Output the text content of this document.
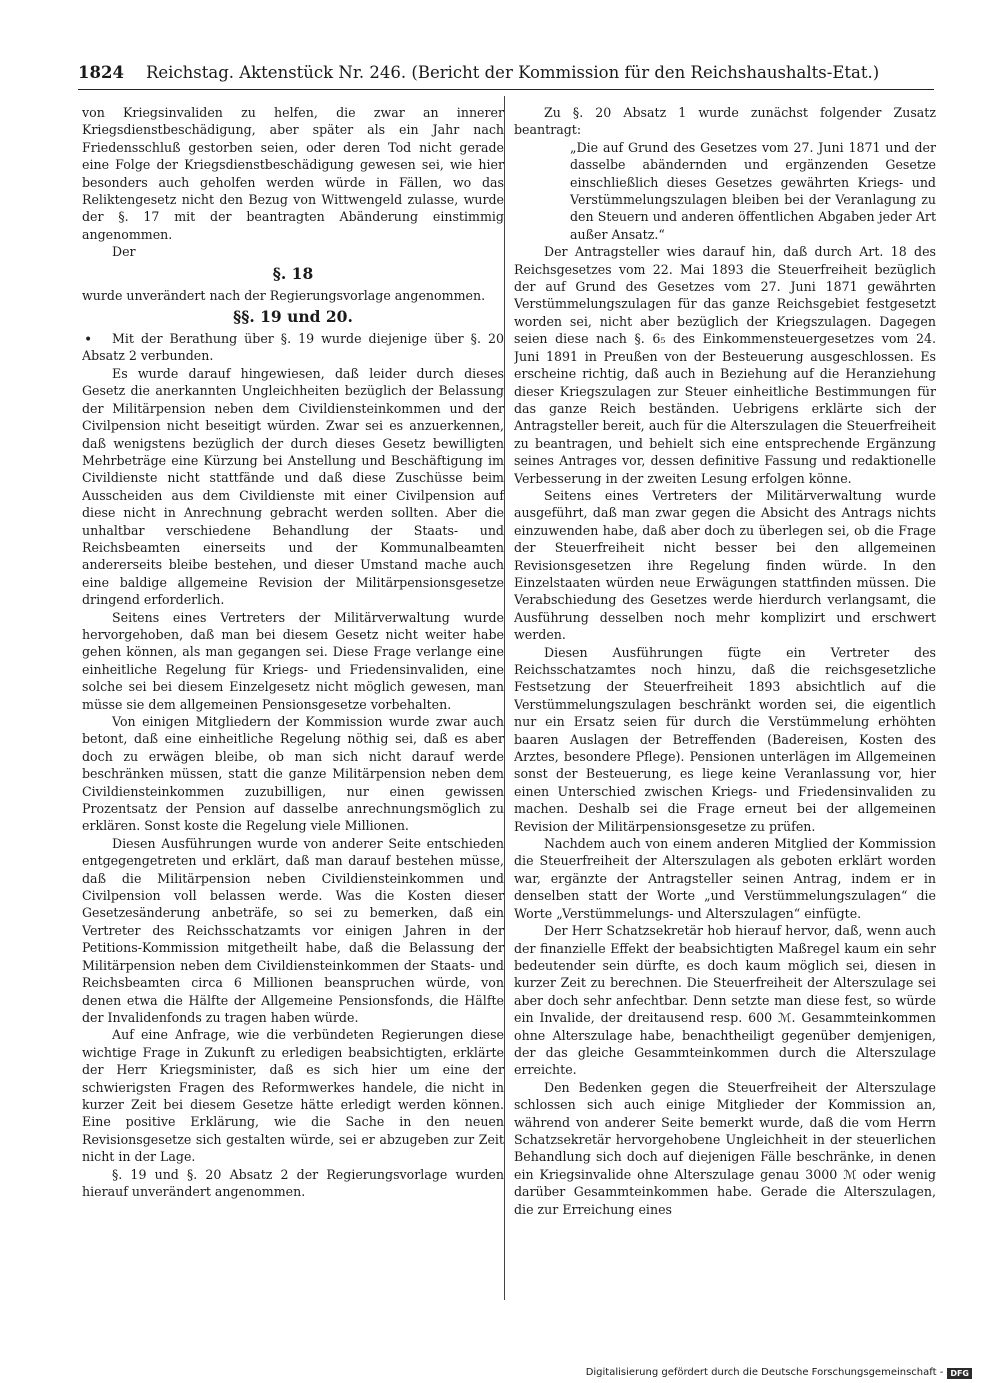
1824 Reichstag. Aktenstück Nr. 246. (Bericht der Kommission für den Reichshaushalts-Etat.)

von Kriegsinvaliden zu helfen, die zwar an innerer Kriegsdienstbeschädigung, aber später als ein Jahr nach Friedensschluß gestorben seien, oder deren Tod nicht gerade eine Folge der Kriegsdienstbeschädigung gewesen sei, wie hier besonders auch geholfen werden würde in Fällen, wo das Reliktengesetz nicht den Bezug von Wittwengeld zulasse, wurde der §. 17 mit der beantragten Abänderung einstimmig angenommen.

Der

§. 18

wurde unverändert nach der Regierungsvorlage angenommen.

§§. 19 und 20.

Mit der Berathung über §. 19 wurde diejenige über §. 20 Absatz 2 verbunden.

Es wurde darauf hingewiesen, daß leider durch dieses Gesetz die anerkannten Ungleichheiten bezüglich der Belassung der Militärpension neben dem Civildiensteinkommen und der Civilpension nicht beseitigt würden. Zwar sei es anzuerkennen, daß wenigstens bezüglich der durch dieses Gesetz bewilligten Mehrbeträge eine Kürzung bei Anstellung und Beschäftigung im Civildienste nicht stattfände und daß diese Zuschüsse beim Ausscheiden aus dem Civildienste mit einer Civilpension auf diese nicht in Anrechnung gebracht werden sollten. Aber die unhaltbar verschiedene Behandlung der Staats- und Reichsbeamten einerseits und der Kommunalbeamten andererseits bleibe bestehen, und dieser Umstand mache auch eine baldige allgemeine Revision der Militärpensionsgesetze dringend erforderlich.

Seitens eines Vertreters der Militärverwaltung wurde hervorgehoben, daß man bei diesem Gesetz nicht weiter habe gehen können, als man gegangen sei. Diese Frage verlange eine einheitliche Regelung für Kriegs- und Friedensinvaliden, eine solche sei bei diesem Einzelgesetz nicht möglich gewesen, man müsse sie dem allgemeinen Pensionsgesetze vorbehalten.

Von einigen Mitgliedern der Kommission wurde zwar auch betont, daß eine einheitliche Regelung nöthig sei, daß es aber doch zu erwägen bleibe, ob man sich nicht darauf werde beschränken müssen, statt die ganze Militärpension neben dem Civildiensteinkommen zuzubilligen, nur einen gewissen Prozentsatz der Pension auf dasselbe anrechnungsmöglich zu erklären. Sonst koste die Regelung viele Millionen.

Diesen Ausführungen wurde von anderer Seite entschieden entgegengetreten und erklärt, daß man darauf bestehen müsse, daß die Militärpension neben Civildiensteinkommen und Civilpension voll belassen werde. Was die Kosten dieser Gesetzesänderung anbeträfe, so sei zu bemerken, daß ein Vertreter des Reichsschatzamts vor einigen Jahren in der Petitions-Kommission mitgetheilt habe, daß die Belassung der Militärpension neben dem Civildiensteinkommen der Staats- und Reichsbeamten circa 6 Millionen beanspruchen würde, von denen etwa die Hälfte der Allgemeine Pensionsfonds, die Hälfte der Invalidenfonds zu tragen haben würde.

Auf eine Anfrage, wie die verbündeten Regierungen diese wichtige Frage in Zukunft zu erledigen beabsichtigten, erklärte der Herr Kriegsminister, daß es sich hier um eine der schwierigsten Fragen des Reformwerkes handele, die nicht in kurzer Zeit bei diesem Gesetze hätte erledigt werden können. Eine positive Erklärung, wie die Sache in den neuen Revisionsgesetze sich gestalten würde, sei er abzugeben zur Zeit nicht in der Lage.

§. 19 und §. 20 Absatz 2 der Regierungsvorlage wurden hierauf unverändert angenommen.

Zu §. 20 Absatz 1 wurde zunächst folgender Zusatz beantragt:

„Die auf Grund des Gesetzes vom 27. Juni 1871 und der dasselbe abändernden und ergänzenden Gesetze einschließlich dieses Gesetzes gewährten Kriegs- und Verstümmelungszulagen bleiben bei der Veranlagung zu den Steuern und anderen öffentlichen Abgaben jeder Art außer Ansatz.“

Der Antragsteller wies darauf hin, daß durch Art. 18 des Reichsgesetzes vom 22. Mai 1893 die Steuerfreiheit bezüglich der auf Grund des Gesetzes vom 27. Juni 1871 gewährten Verstümmelungszulagen für das ganze Reichsgebiet festgesetzt worden sei, nicht aber bezüglich der Kriegszulagen. Dagegen seien diese nach §. 6₅ des Einkommensteuergesetzes vom 24. Juni 1891 in Preußen von der Besteuerung ausgeschlossen. Es erscheine richtig, daß auch in Beziehung auf die Heranziehung dieser Kriegszulagen zur Steuer einheitliche Bestimmungen für das ganze Reich beständen. Uebrigens erklärte sich der Antragsteller bereit, auch für die Alterszulagen die Steuerfreiheit zu beantragen, und behielt sich eine entsprechende Ergänzung seines Antrages vor, dessen definitive Fassung und redaktionelle Verbesserung in der zweiten Lesung erfolgen könne.

Seitens eines Vertreters der Militärverwaltung wurde ausgeführt, daß man zwar gegen die Absicht des Antrags nichts einzuwenden habe, daß aber doch zu überlegen sei, ob die Frage der Steuerfreiheit nicht besser bei den allgemeinen Revisionsgesetzen ihre Regelung finden würde. In den Einzelstaaten würden neue Erwägungen stattfinden müssen. Die Verabschiedung des Gesetzes werde hierdurch verlangsamt, die Ausführung desselben noch mehr komplizirt und erschwert werden.

Diesen Ausführungen fügte ein Vertreter des Reichsschatzamtes noch hinzu, daß die reichsgesetzliche Festsetzung der Steuerfreiheit 1893 absichtlich auf die Verstümmelungszulagen beschränkt worden sei, die eigentlich nur ein Ersatz seien für durch die Verstümmelung erhöhten baaren Auslagen der Betreffenden (Badereisen, Kosten des Arztes, besondere Pflege). Pensionen unterlägen im Allgemeinen sonst der Besteuerung, es liege keine Veranlassung vor, hier einen Unterschied zwischen Kriegs- und Friedensinvaliden zu machen. Deshalb sei die Frage erneut bei der allgemeinen Revision der Militärpensionsgesetze zu prüfen.

Nachdem auch von einem anderen Mitglied der Kommission die Steuerfreiheit der Alterszulagen als geboten erklärt worden war, ergänzte der Antragsteller seinen Antrag, indem er in denselben statt der Worte „und Verstümmelungszulagen“ die Worte „Verstümmelungs- und Alterszulagen“ einfügte.

Der Herr Schatzsekretär hob hierauf hervor, daß, wenn auch der finanzielle Effekt der beabsichtigten Maßregel kaum ein sehr bedeutender sein dürfte, es doch kaum möglich sei, diesen in kurzer Zeit zu berechnen. Die Steuerfreiheit der Alterszulage sei aber doch sehr anfechtbar. Denn setzte man diese fest, so würde ein Invalide, der dreitausend resp. 600 ℳ. Gesammteinkommen ohne Alterszulage habe, benachtheiligt gegenüber demjenigen, der das gleiche Gesammteinkommen durch die Alterszulage erreichte.

Den Bedenken gegen die Steuerfreiheit der Alterszulage schlossen sich auch einige Mitglieder der Kommission an, während von anderer Seite bemerkt wurde, daß die vom Herrn Schatzsekretär hervorgehobene Ungleichheit in der steuerlichen Behandlung sich doch auf diejenigen Fälle beschränke, in denen ein Kriegsinvalide ohne Alterszulage genau 3000 ℳ oder wenig darüber Gesammteinkommen habe. Gerade die Alterszulagen, die zur Erreichung eines

•
Digitalisierung gefördert durch die Deutsche Forschungsgemeinschaft - DFG
